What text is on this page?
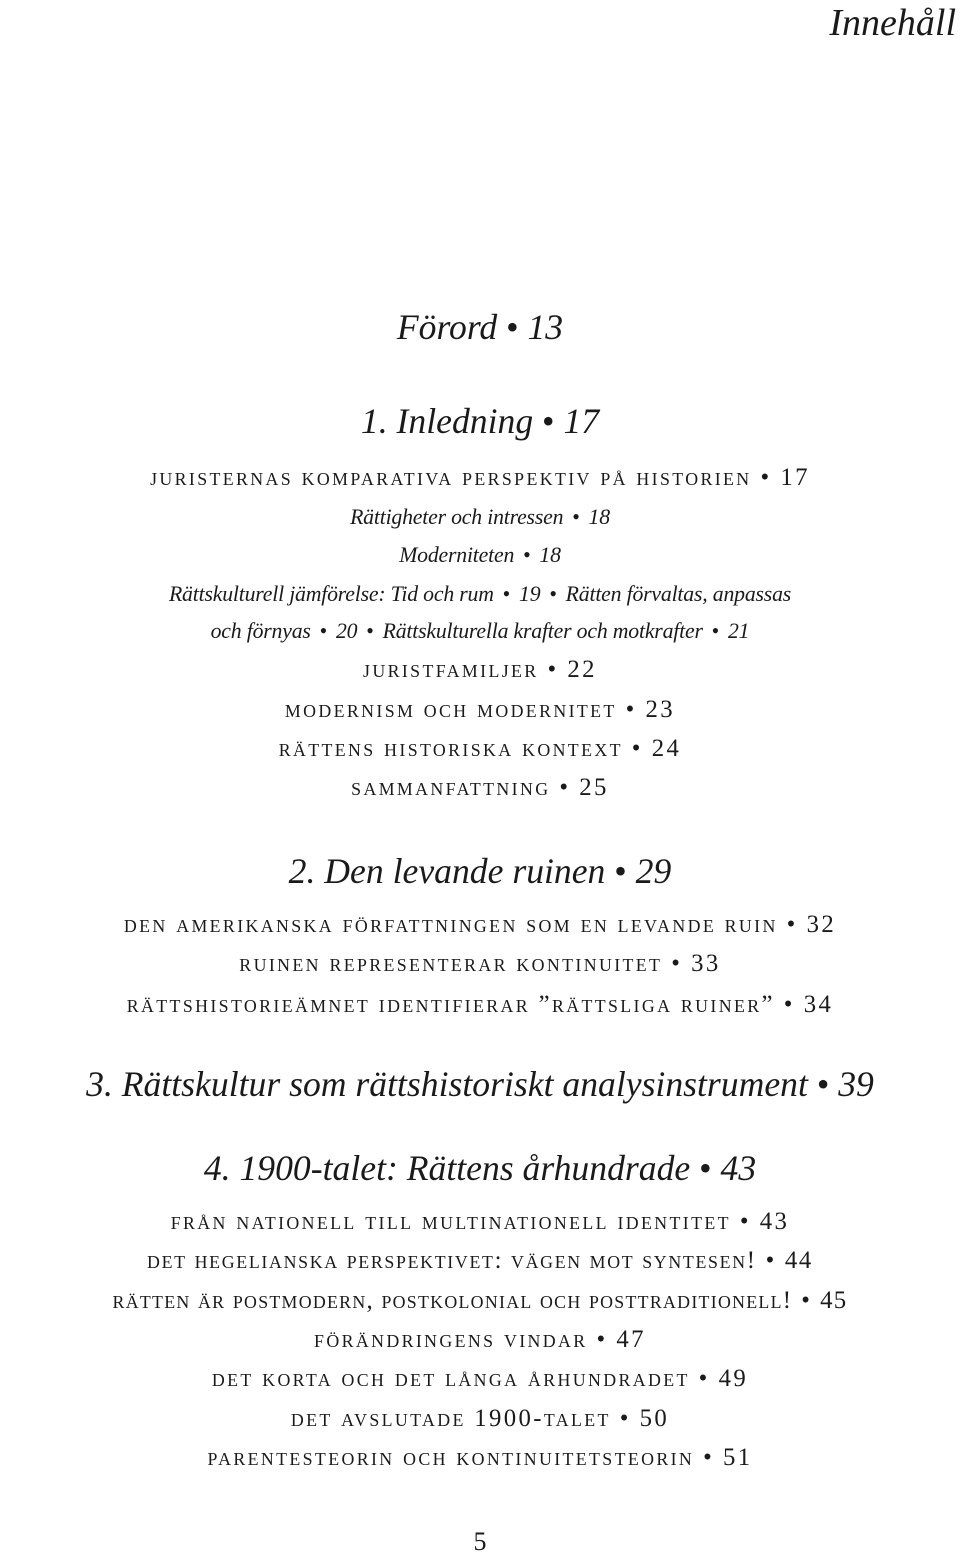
Innehåll
Förord • 13
1. Inledning • 17
juristernas komparativa perspektiv på historien • 17
Rättigheter och intressen • 18
Moderniteten • 18
Rättskulturell jämförelse: Tid och rum • 19 • Rätten förvaltas, anpassas
och förnyas • 20 • Rättskulturella krafter och motkrafter • 21
juristfamiljer • 22
modernism och modernitet • 23
rättens historiska kontext • 24
sammanfattning • 25
2. Den levande ruinen • 29
den amerikanska författningen som en levande ruin • 32
ruinen representerar kontinuitet • 33
rättshistorieämnet identifierar ”rättsliga ruiner” • 34
3. Rättskultur som rättshistoriskt analysinstrument • 39
4. 1900-talet: Rättens århundrade • 43
från nationell till multinationell identitet • 43
det hegelianska perspektivet: vägen mot syntesen! • 44
rätten är postmodern, postkolonial och posttraditionell! • 45
förändringens vindar • 47
det korta och det långa århundradet • 49
det avslutade 1900-talet • 50
parentesteorin och kontinuitetsteorin • 51
5
